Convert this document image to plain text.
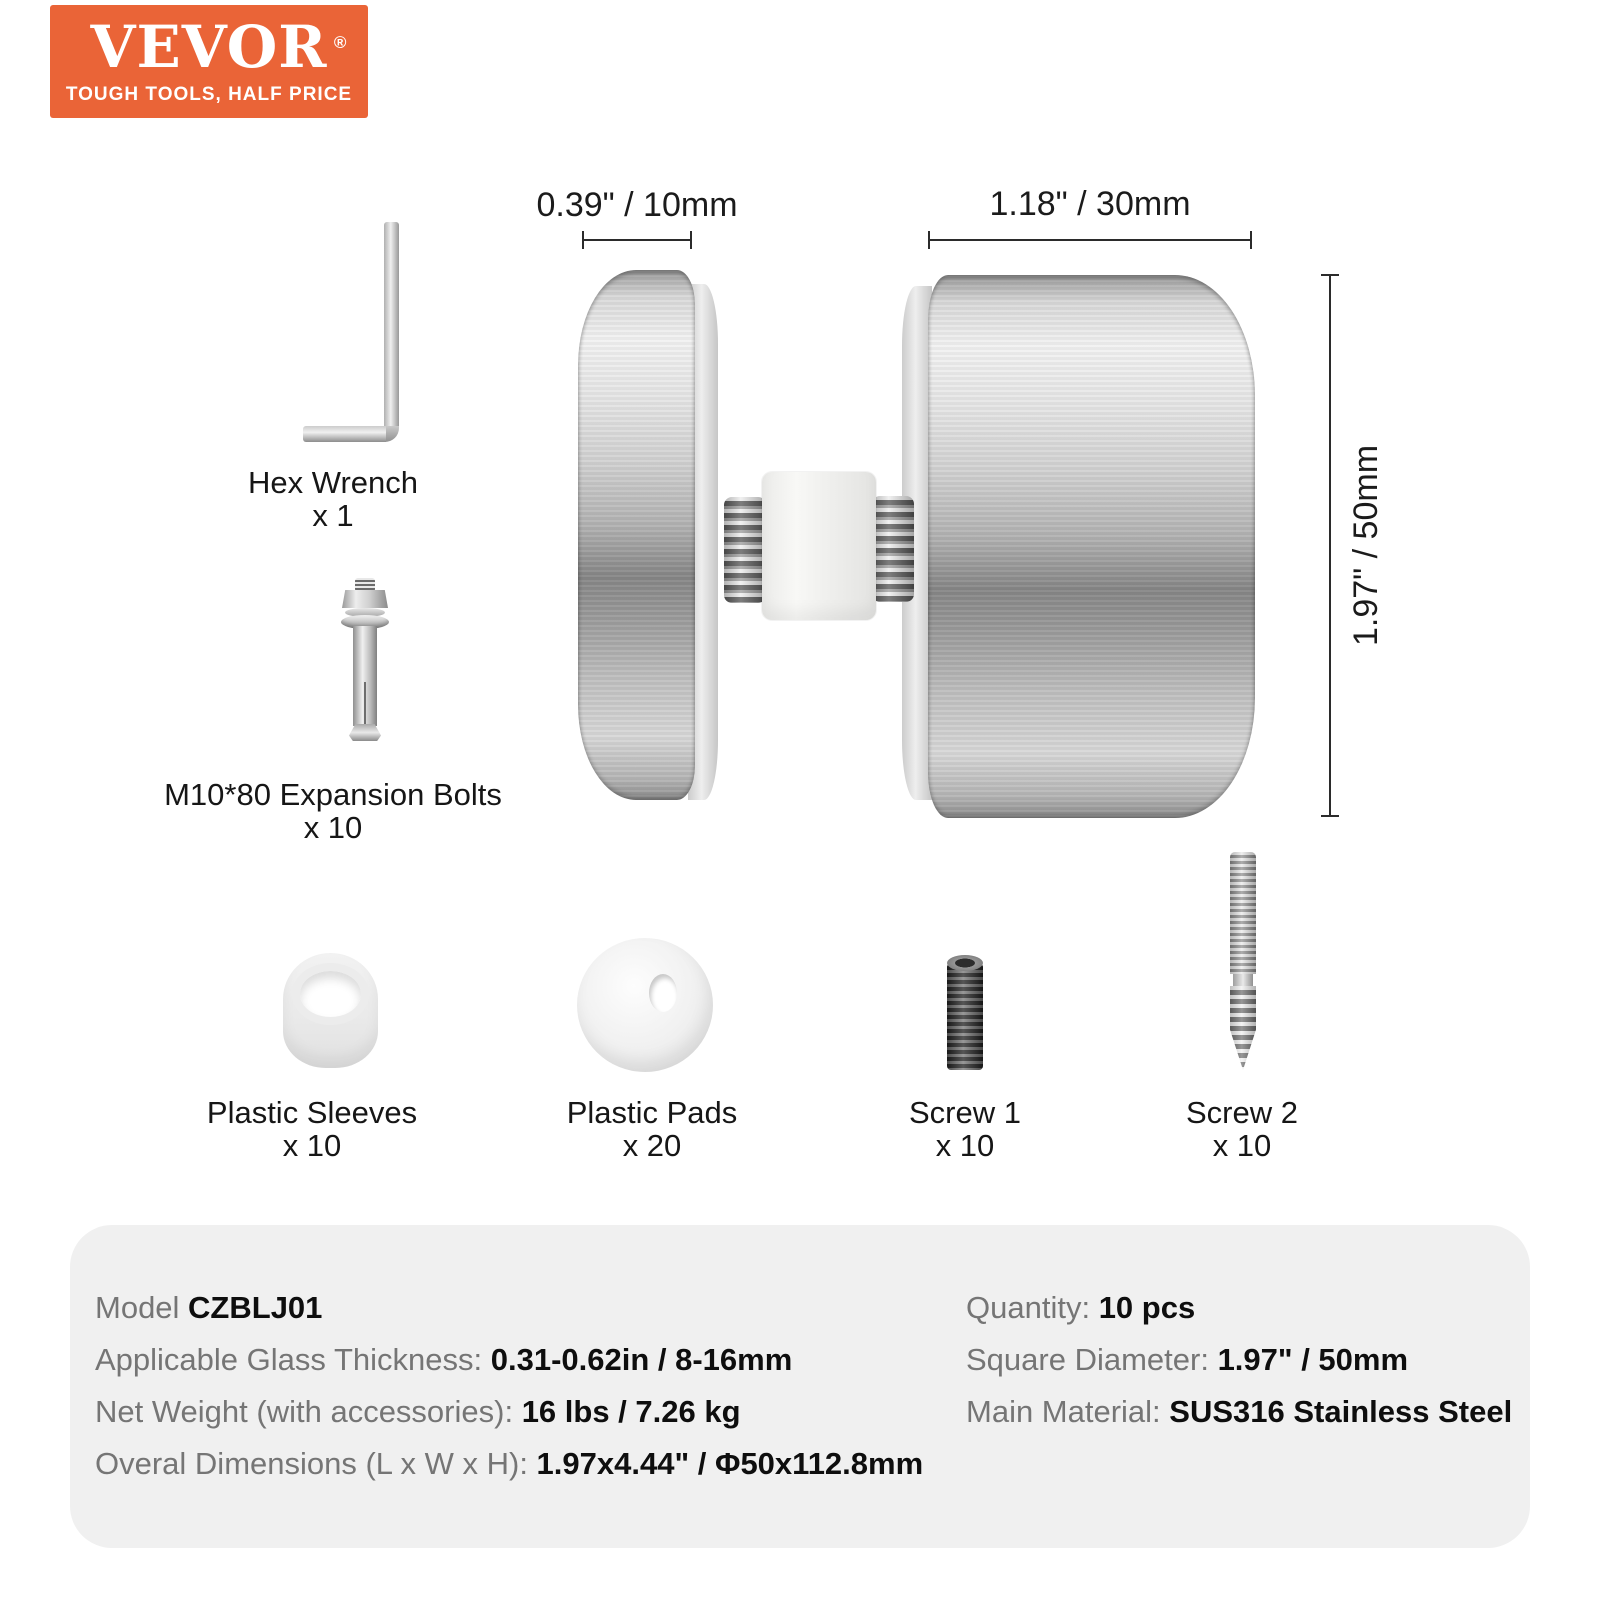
VEVOR ®
TOUGH TOOLS, HALF PRICE
0.39" / 10mm	1.18" / 30mm
1.97" / 50mm
Hex Wrench
x 1
M10*80 Expansion Bolts
x 10
Plastic Sleeves
x 10
Plastic Pads
x 20
Screw 1
x 10
Screw 2
x 10
Model CZBLJ01
Applicable Glass Thickness: 0.31-0.62in / 8-16mm
Net Weight (with accessories): 16 lbs / 7.26 kg
Overal Dimensions (L x W x H): 1.97x4.44" / Φ50x112.8mm
Quantity: 10 pcs
Square Diameter: 1.97" / 50mm
Main Material: SUS316 Stainless Steel
